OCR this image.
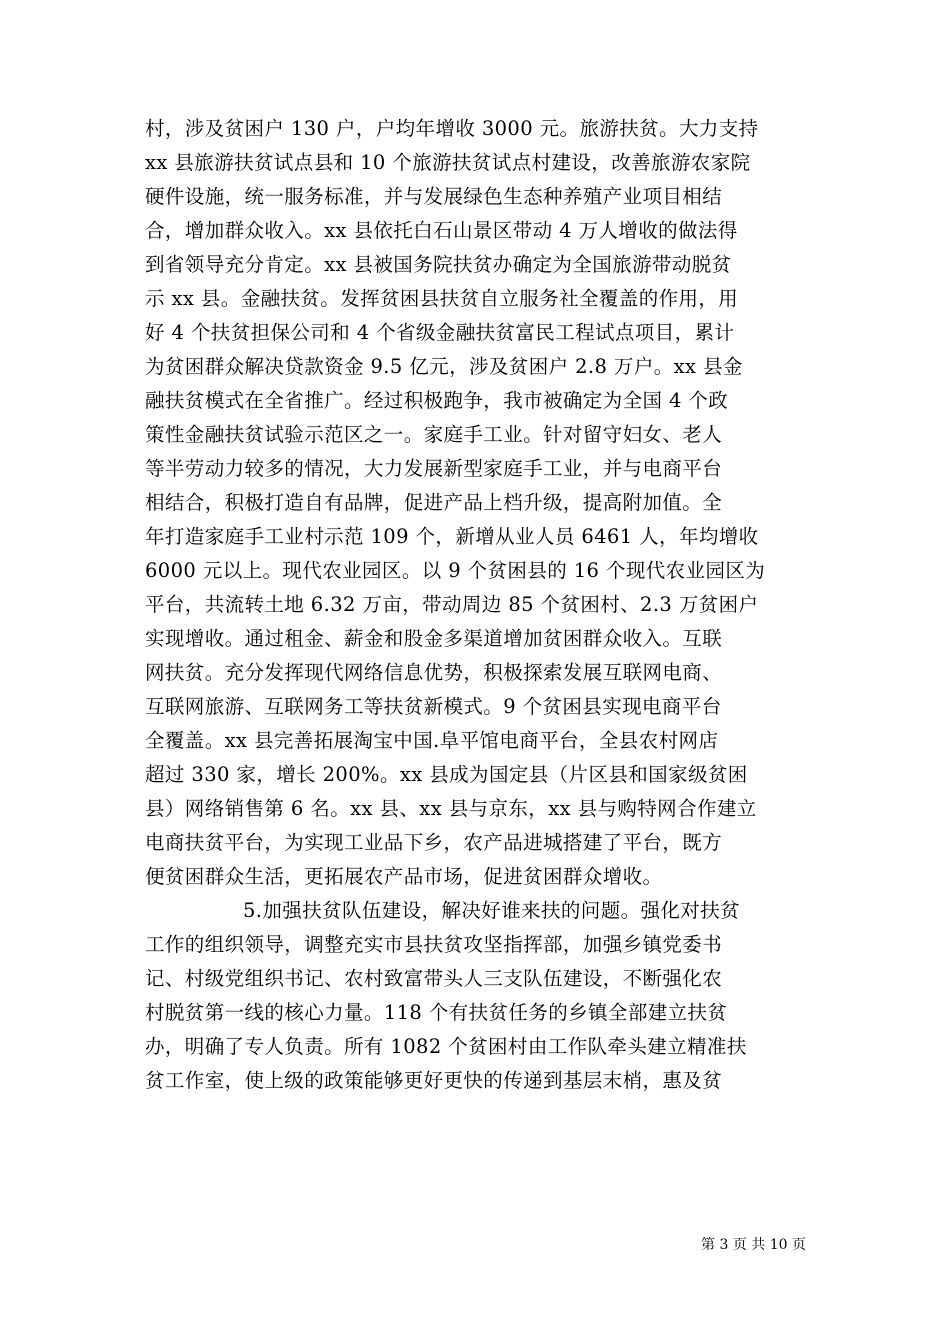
村，涉及贫困户 130 户，户均年增收 3000 元。旅游扶贫。大力支持
xx 县旅游扶贫试点县和 10 个旅游扶贫试点村建设，改善旅游农家院
硬件设施，统一服务标准，并与发展绿色生态种养殖产业项目相结
合，增加群众收入。xx 县依托白石山景区带动 4 万人增收的做法得
到省领导充分肯定。xx 县被国务院扶贫办确定为全国旅游带动脱贫
示 xx 县。金融扶贫。发挥贫困县扶贫自立服务社全覆盖的作用，用
好 4 个扶贫担保公司和 4 个省级金融扶贫富民工程试点项目，累计
为贫困群众解决贷款资金 9.5 亿元，涉及贫困户 2.8 万户。xx 县金
融扶贫模式在全省推广。经过积极跑争，我市被确定为全国 4 个政
策性金融扶贫试验示范区之一。家庭手工业。针对留守妇女、老人
等半劳动力较多的情况，大力发展新型家庭手工业，并与电商平台
相结合，积极打造自有品牌，促进产品上档升级，提高附加值。全
年打造家庭手工业村示范 109 个，新增从业人员 6461 人，年均增收
6000 元以上。现代农业园区。以 9 个贫困县的 16 个现代农业园区为
平台，共流转土地 6.32 万亩，带动周边 85 个贫困村、2.3 万贫困户
实现增收。通过租金、薪金和股金多渠道增加贫困群众收入。互联
网扶贫。充分发挥现代网络信息优势，积极探索发展互联网电商、
互联网旅游、互联网务工等扶贫新模式。9 个贫困县实现电商平台
全覆盖。xx 县完善拓展淘宝中国.阜平馆电商平台，全县农村网店
超过 330 家，增长 200%。xx 县成为国定县（片区县和国家级贫困
县）网络销售第 6 名。xx 县、xx 县与京东，xx 县与购特网合作建立
电商扶贫平台，为实现工业品下乡，农产品进城搭建了平台，既方
便贫困群众生活，更拓展农产品市场，促进贫困群众增收。
5.加强扶贫队伍建设，解决好谁来扶的问题。强化对扶贫
工作的组织领导，调整充实市县扶贫攻坚指挥部，加强乡镇党委书
记、村级党组织书记、农村致富带头人三支队伍建设，不断强化农
村脱贫第一线的核心力量。118 个有扶贫任务的乡镇全部建立扶贫
办，明确了专人负责。所有 1082 个贫困村由工作队牵头建立精准扶
贫工作室，使上级的政策能够更好更快的传递到基层末梢，惠及贫
第 3 页 共 10 页
